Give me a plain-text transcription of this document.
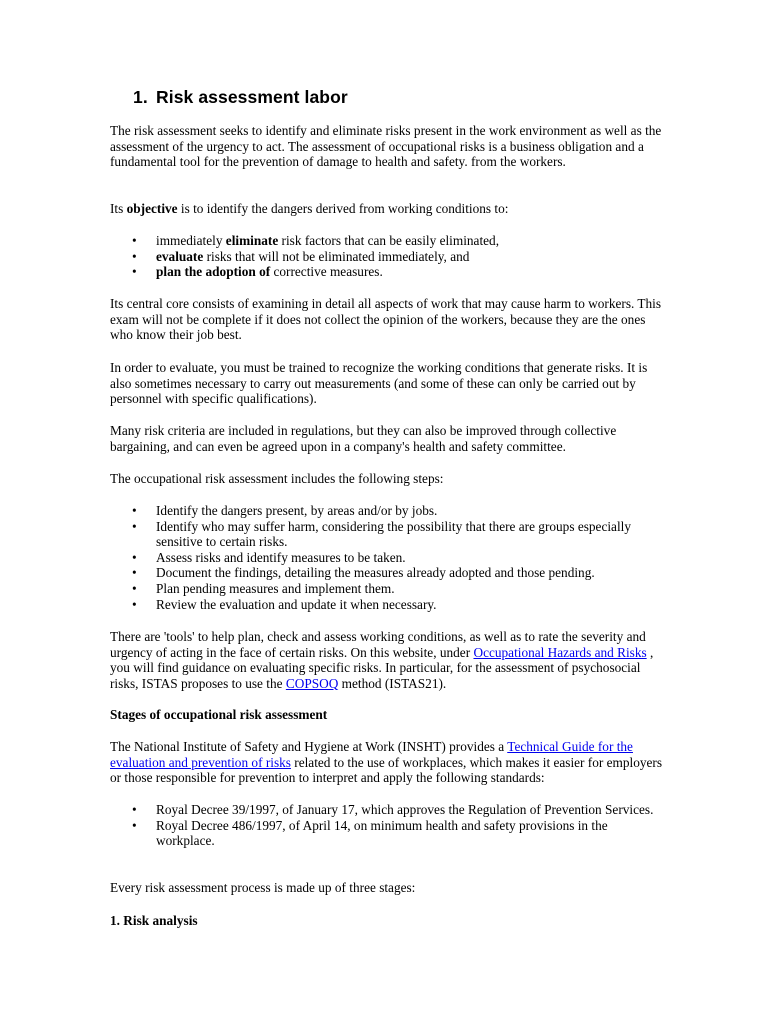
1. Risk assessment labor

The risk assessment seeks to identify and eliminate risks present in the work environment as well as the assessment of the urgency to act. The assessment of occupational risks is a business obligation and a fundamental tool for the prevention of damage to health and safety. from the workers.

Its objective is to identify the dangers derived from working conditions to:

• immediately eliminate risk factors that can be easily eliminated,
• evaluate risks that will not be eliminated immediately, and
• plan the adoption of corrective measures.

Its central core consists of examining in detail all aspects of work that may cause harm to workers. This exam will not be complete if it does not collect the opinion of the workers, because they are the ones who know their job best.

In order to evaluate, you must be trained to recognize the working conditions that generate risks. It is also sometimes necessary to carry out measurements (and some of these can only be carried out by personnel with specific qualifications).

Many risk criteria are included in regulations, but they can also be improved through collective bargaining, and can even be agreed upon in a company's health and safety committee.

The occupational risk assessment includes the following steps:

• Identify the dangers present, by areas and/or by jobs.
• Identify who may suffer harm, considering the possibility that there are groups especially sensitive to certain risks.
• Assess risks and identify measures to be taken.
• Document the findings, detailing the measures already adopted and those pending.
• Plan pending measures and implement them.
• Review the evaluation and update it when necessary.

There are 'tools' to help plan, check and assess working conditions, as well as to rate the severity and urgency of acting in the face of certain risks. On this website, under Occupational Hazards and Risks , you will find guidance on evaluating specific risks. In particular, for the assessment of psychosocial risks, ISTAS proposes to use the COPSOQ method (ISTAS21).

Stages of occupational risk assessment

The National Institute of Safety and Hygiene at Work (INSHT) provides a Technical Guide for the evaluation and prevention of risks related to the use of workplaces, which makes it easier for employers or those responsible for prevention to interpret and apply the following standards:

• Royal Decree 39/1997, of January 17, which approves the Regulation of Prevention Services.
• Royal Decree 486/1997, of April 14, on minimum health and safety provisions in the workplace.

Every risk assessment process is made up of three stages:

1. Risk analysis
